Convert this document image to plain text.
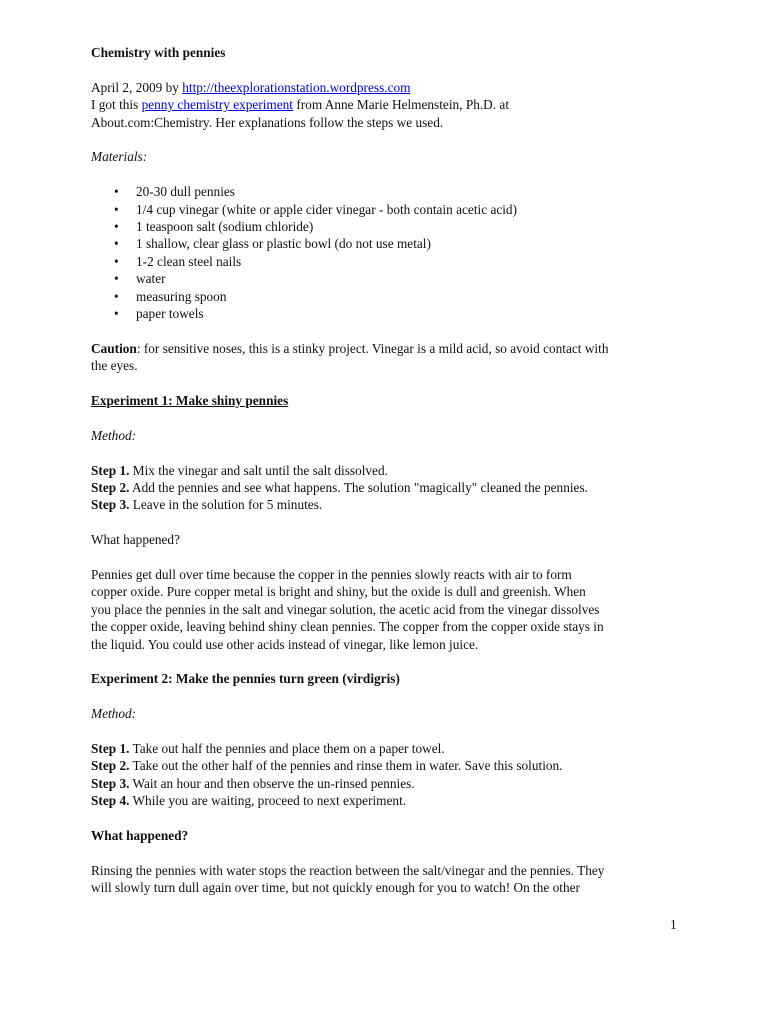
Chemistry with pennies

April 2, 2009 by http://theexplorationstation.wordpress.com

I got this penny chemistry experiment from Anne Marie Helmenstein, Ph.D. at

About.com:Chemistry. Her explanations follow the steps we used.

Materials:

• 20-30 dull pennies
• 1/4 cup vinegar (white or apple cider vinegar - both contain acetic acid)
• 1 teaspoon salt (sodium chloride)
• 1 shallow, clear glass or plastic bowl (do not use metal)
• 1-2 clean steel nails
• water
• measuring spoon
• paper towels

Caution: for sensitive noses, this is a stinky project. Vinegar is a mild acid, so avoid contact with

the eyes.

Experiment 1: Make shiny pennies

Method:

Step 1. Mix the vinegar and salt until the salt dissolved.

Step 2. Add the pennies and see what happens. The solution "magically" cleaned the pennies.

Step 3. Leave in the solution for 5 minutes.

What happened?

Pennies get dull over time because the copper in the pennies slowly reacts with air to form

copper oxide. Pure copper metal is bright and shiny, but the oxide is dull and greenish. When

you place the pennies in the salt and vinegar solution, the acetic acid from the vinegar dissolves

the copper oxide, leaving behind shiny clean pennies. The copper from the copper oxide stays in

the liquid. You could use other acids instead of vinegar, like lemon juice.

Experiment 2: Make the pennies turn green (virdigris)

Method:

Step 1. Take out half the pennies and place them on a paper towel.

Step 2. Take out the other half of the pennies and rinse them in water. Save this solution.

Step 3. Wait an hour and then observe the un-rinsed pennies.

Step 4. While you are waiting, proceed to next experiment.

What happened?

Rinsing the pennies with water stops the reaction between the salt/vinegar and the pennies. They

will slowly turn dull again over time, but not quickly enough for you to watch! On the other

1
